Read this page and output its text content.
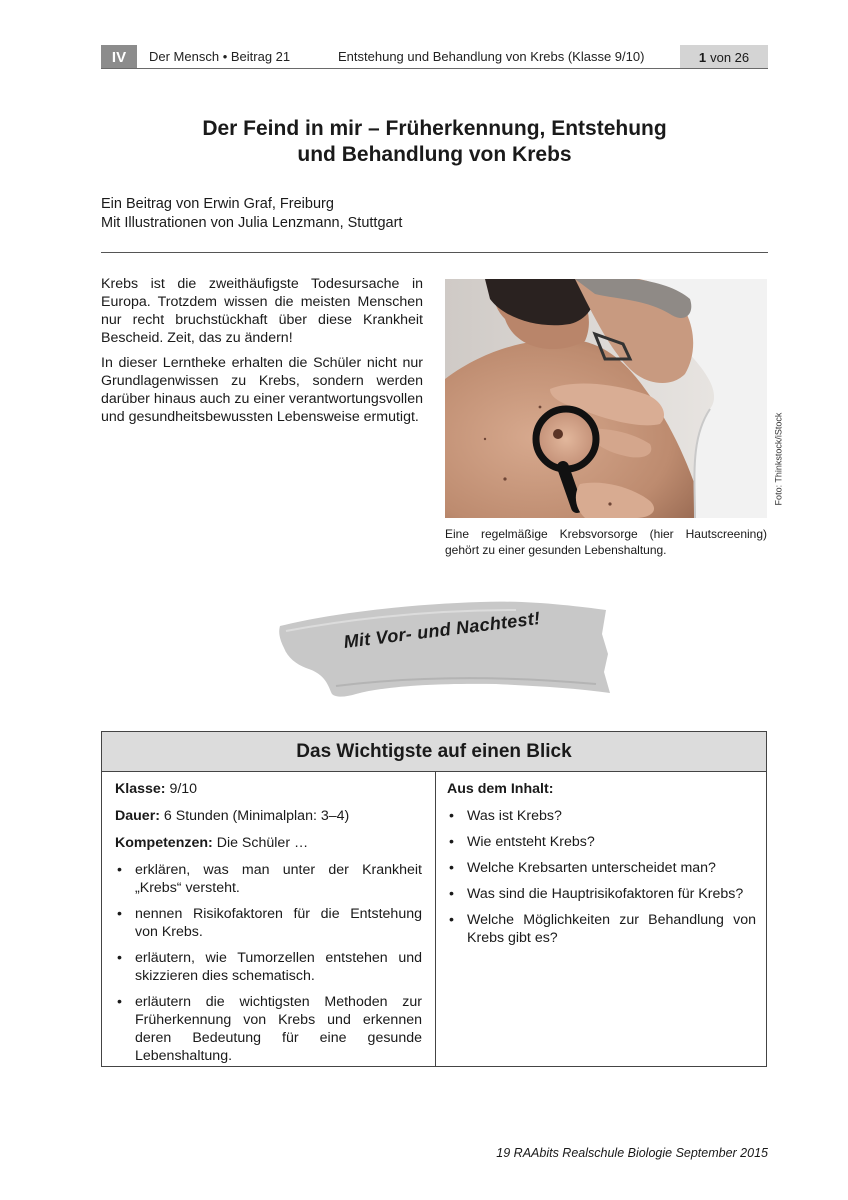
IV	Der Mensch • Beitrag 21	Entstehung und Behandlung von Krebs (Klasse 9/10)	1 von 26
Der Feind in mir – Früherkennung, Entstehung
und Behandlung von Krebs
Ein Beitrag von Erwin Graf, Freiburg
Mit Illustrationen von Julia Lenzmann, Stuttgart

Krebs ist die zweithäufigste Todesursache in Europa. Trotzdem wissen die meisten Menschen nur recht bruchstückhaft über diese Krankheit Bescheid. Zeit, das zu ändern!

In dieser Lerntheke erhalten die Schüler nicht nur Grundlagenwissen zu Krebs, sondern werden darüber hinaus auch zu einer verantwortungsvollen und gesundheitsbewussten Lebensweise ermutigt.	Foto: Thinkstock/iStock
Eine regelmäßige Krebsvorsorge (hier Hautscreening) gehört zu einer gesunden Lebenshaltung.
Mit Vor- und Nachtest!
Das Wichtigste auf einen Blick

Klasse: 9/10

Dauer: 6 Stunden (Minimalplan: 3–4)

Kompetenzen: Die Schüler …

• erklären, was man unter der Krankheit „Krebs“ versteht.
• nennen Risikofaktoren für die Entstehung von Krebs.
• erläutern, wie Tumorzellen entstehen und skizzieren dies schematisch.
• erläutern die wichtigsten Methoden zur Früherkennung von Krebs und erkennen deren Bedeutung für eine gesunde Lebenshaltung.

Aus dem Inhalt:

• Was ist Krebs?
• Wie entsteht Krebs?
• Welche Krebsarten unterscheidet man?
• Was sind die Hauptrisikofaktoren für Krebs?
• Welche Möglichkeiten zur Behandlung von Krebs gibt es?
19 RAAbits Realschule Biologie September 2015
